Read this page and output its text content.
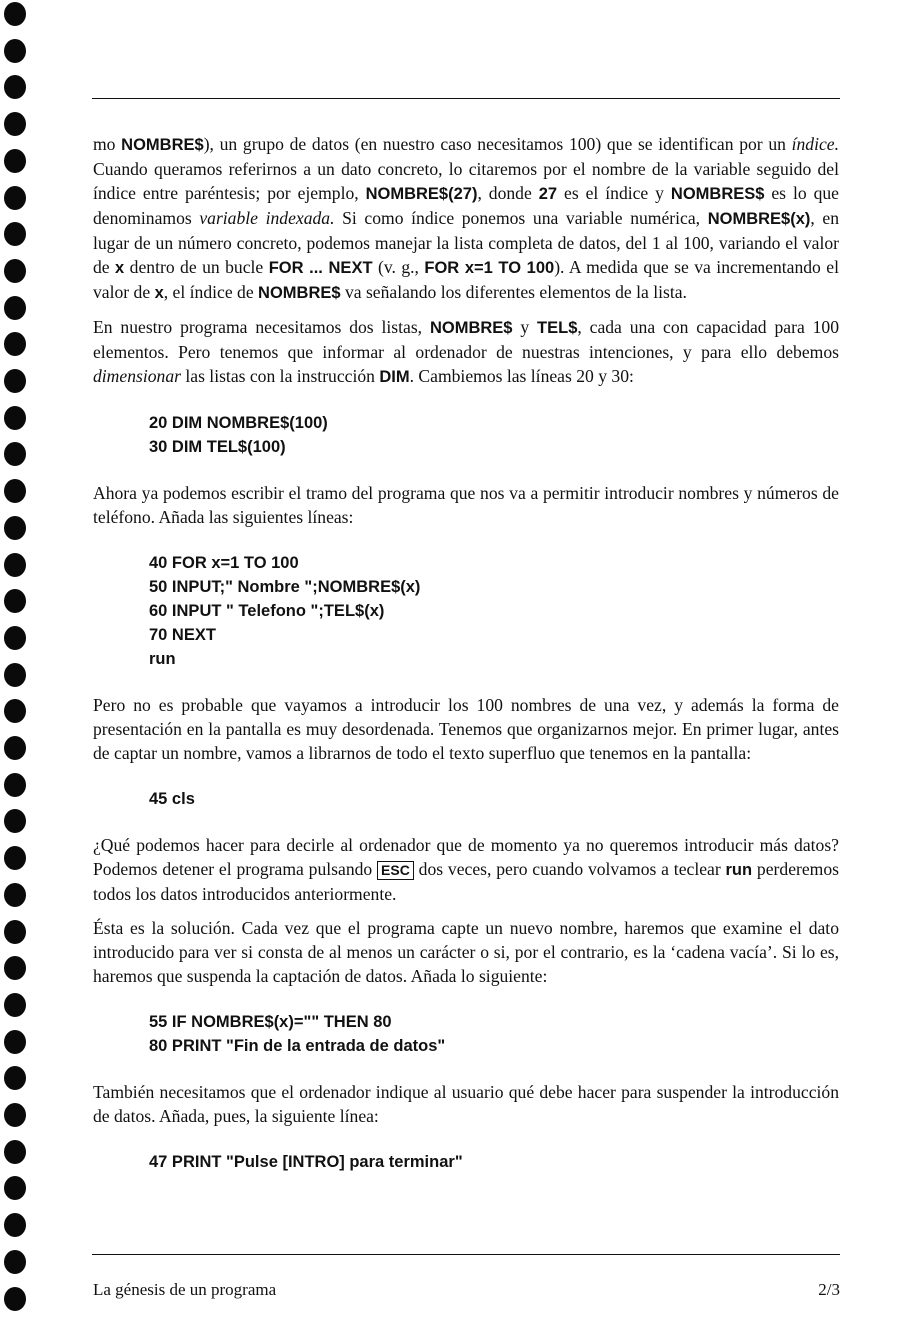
mo NOMBRE$), un grupo de datos (en nuestro caso necesitamos 100) que se identifican por un índice. Cuando queramos referirnos a un dato concreto, lo citaremos por el nombre de la variable seguido del índice entre paréntesis; por ejemplo, NOMBRE$(27), donde 27 es el índice y NOMBRES$ es lo que denominamos variable indexada. Si como índice ponemos una variable numérica, NOMBRE$(x), en lugar de un número concreto, podemos manejar la lista completa de datos, del 1 al 100, variando el valor de x dentro de un bucle FOR ... NEXT (v. g., FOR x=1 TO 100). A medida que se va incrementando el valor de x, el índice de NOMBRE$ va señalando los diferentes elementos de la lista.

En nuestro programa necesitamos dos listas, NOMBRE$ y TEL$, cada una con capacidad para 100 elementos. Pero tenemos que informar al ordenador de nuestras intenciones, y para ello debemos dimensionar las listas con la instrucción DIM. Cambiemos las líneas 20 y 30:

20 DIM NOMBRE$(100)
30 DIM TEL$(100)

Ahora ya podemos escribir el tramo del programa que nos va a permitir introducir nombres y números de teléfono. Añada las siguientes líneas:

40 FOR x=1 TO 100
50 INPUT;" Nombre ";NOMBRE$(x)
60 INPUT " Telefono ";TEL$(x)
70 NEXT
run

Pero no es probable que vayamos a introducir los 100 nombres de una vez, y además la forma de presentación en la pantalla es muy desordenada. Tenemos que organizarnos mejor. En primer lugar, antes de captar un nombre, vamos a librarnos de todo el texto superfluo que tenemos en la pantalla:

45 cls

¿Qué podemos hacer para decirle al ordenador que de momento ya no queremos introducir más datos? Podemos detener el programa pulsando ESC dos veces, pero cuando volvamos a teclear run perderemos todos los datos introducidos anteriormente.

Ésta es la solución. Cada vez que el programa capte un nuevo nombre, haremos que examine el dato introducido para ver si consta de al menos un carácter o si, por el contrario, es la ‘cadena vacía’. Si lo es, haremos que suspenda la captación de datos. Añada lo siguiente:

55 IF NOMBRE$(x)="" THEN 80
80 PRINT "Fin de la entrada de datos"

También necesitamos que el ordenador indique al usuario qué debe hacer para suspender la introducción de datos. Añada, pues, la siguiente línea:

47 PRINT "Pulse [INTRO] para terminar"
La génesis de un programa	2/3
